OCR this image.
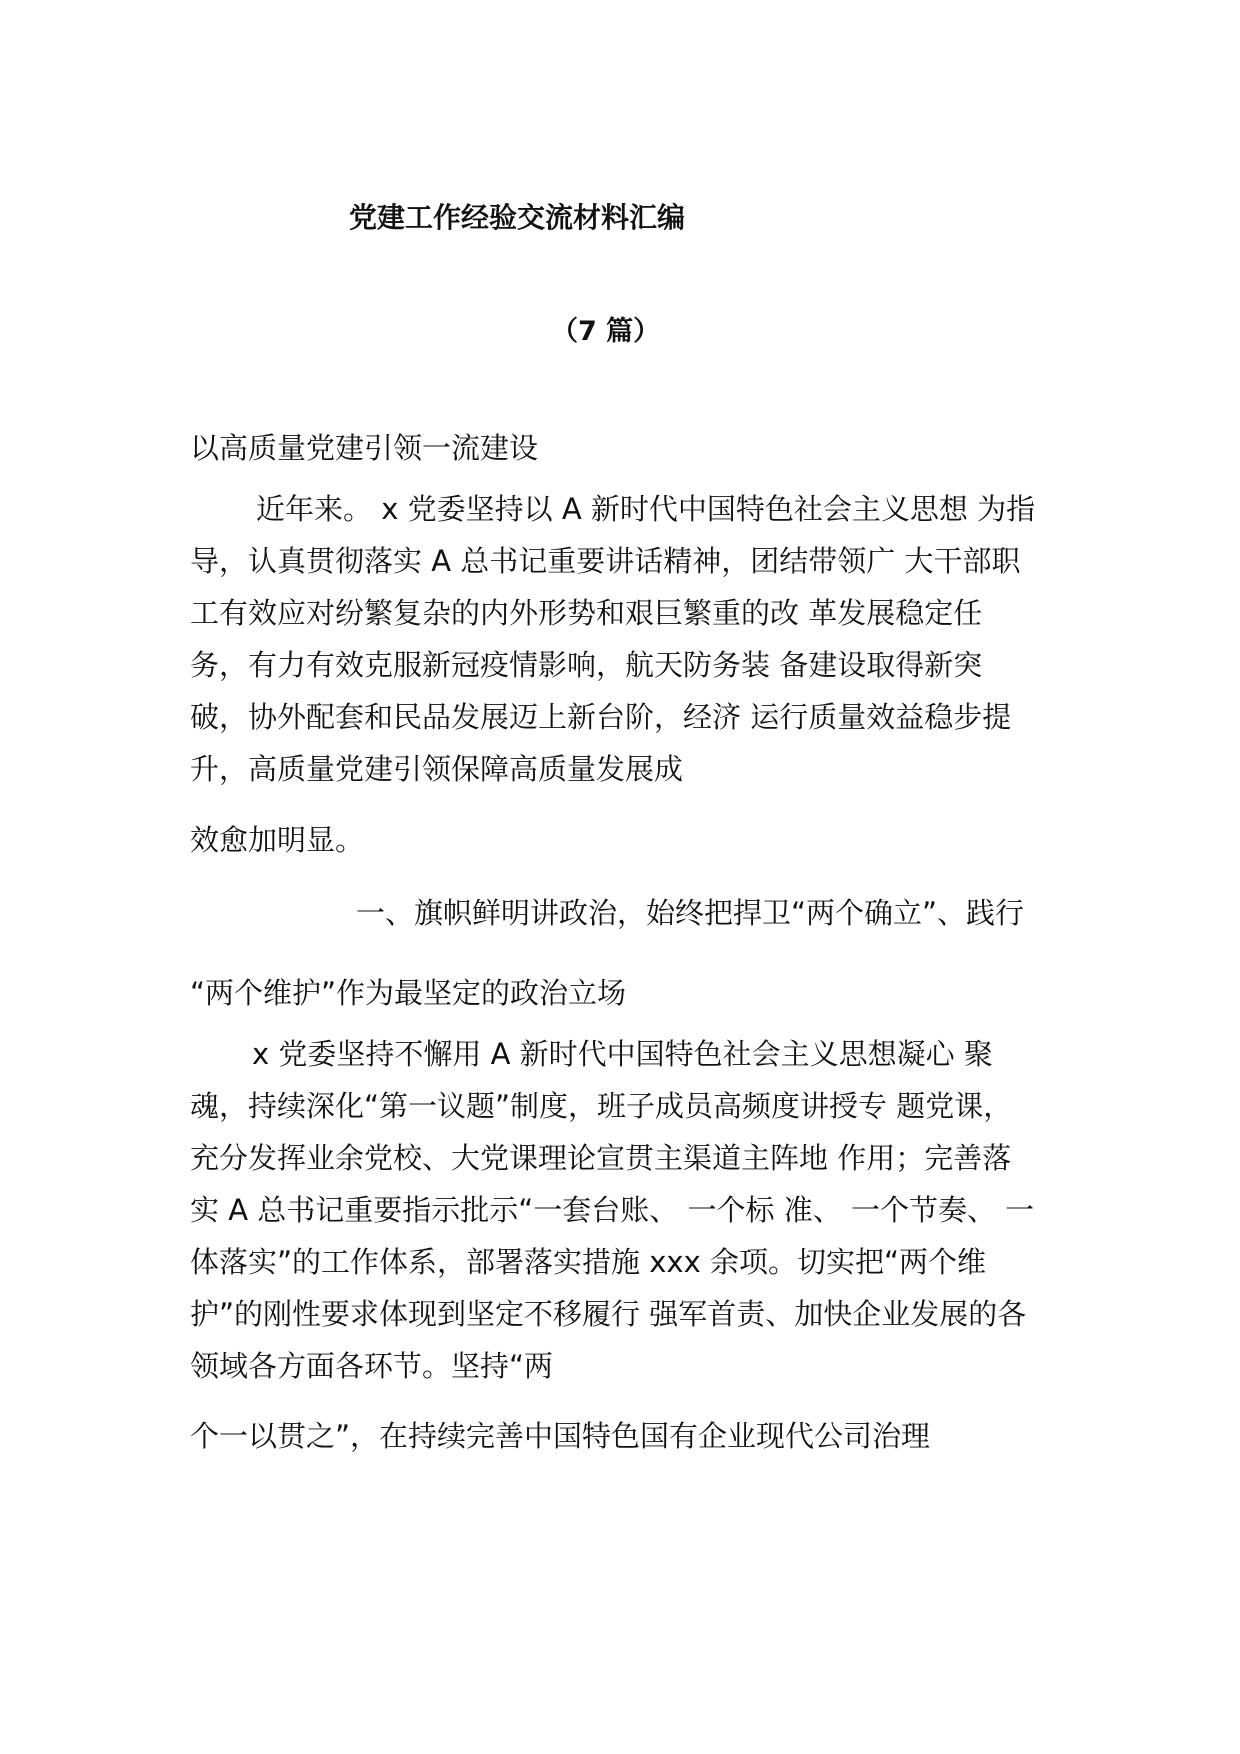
党建工作经验交流材料汇编
（7 篇）
以高质量党建引领一流建设
近年来。 x 党委坚持以 A 新时代中国特色社会主义思想 为指
导，认真贯彻落实 A 总书记重要讲话精神，团结带领广 大干部职
工有效应对纷繁复杂的内外形势和艰巨繁重的改 革发展稳定任
务，有力有效克服新冠疫情影响，航天防务装 备建设取得新突
破，协外配套和民品发展迈上新台阶，经济 运行质量效益稳步提
升，高质量党建引领保障高质量发展成
效愈加明显。
一、旗帜鲜明讲政治，始终把捍卫“两个确立”、践行
“两个维护”作为最坚定的政治立场
x 党委坚持不懈用 A 新时代中国特色社会主义思想凝心 聚
魂，持续深化“第一议题”制度，班子成员高频度讲授专 题党课，
充分发挥业余党校、大党课理论宣贯主渠道主阵地 作用；完善落
实 A 总书记重要指示批示“一套台账、 一个标 准、 一个节奏、 一
体落实”的工作体系，部署落实措施 xxx 余项。切实把“两个维
护”的刚性要求体现到坚定不移履行 强军首责、加快企业发展的各
领域各方面各环节。坚持“两
个一以贯之”，在持续完善中国特色国有企业现代公司治理
